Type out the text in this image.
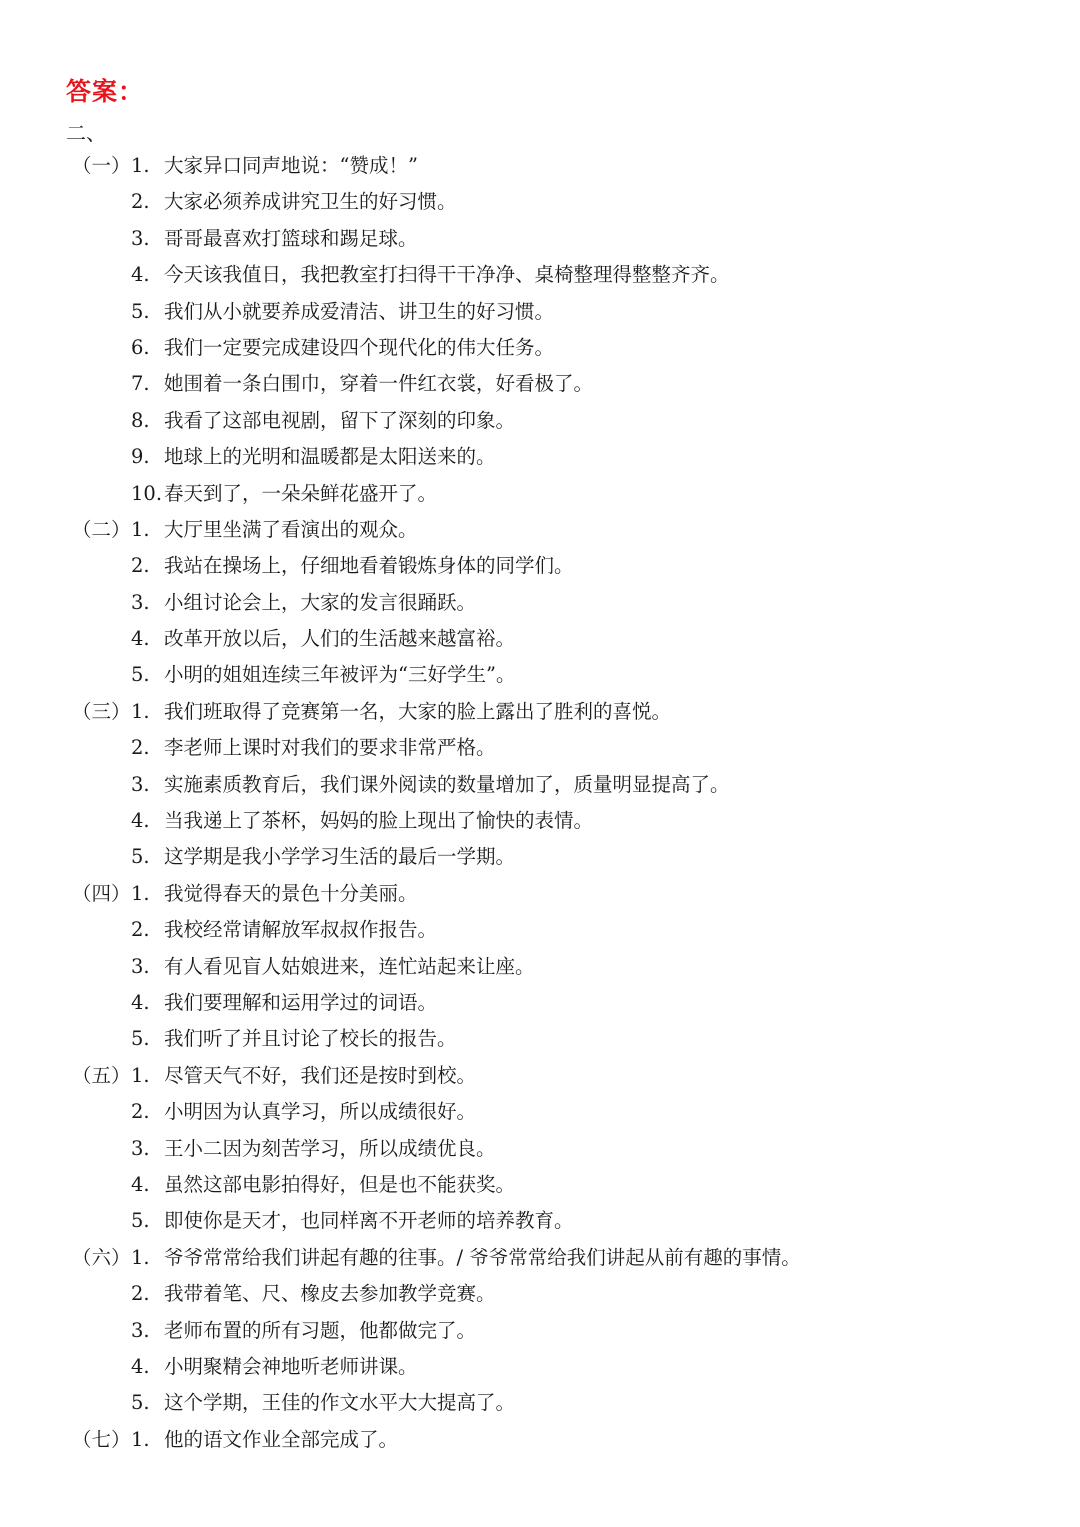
答案：
二、
（一） 1. 大家异口同声地说：“赞成！”
2. 大家必须养成讲究卫生的好习惯。
3. 哥哥最喜欢打篮球和踢足球。
4. 今天该我值日，我把教室打扫得干干净净、桌椅整理得整整齐齐。
5. 我们从小就要养成爱清洁、讲卫生的好习惯。
6. 我们一定要完成建设四个现代化的伟大任务。
7. 她围着一条白围巾，穿着一件红衣裳，好看极了。
8. 我看了这部电视剧，留下了深刻的印象。
9. 地球上的光明和温暖都是太阳送来的。
10. 春天到了，一朵朵鲜花盛开了。
（二） 1. 大厅里坐满了看演出的观众。
2. 我站在操场上，仔细地看着锻炼身体的同学们。
3. 小组讨论会上，大家的发言很踊跃。
4. 改革开放以后，人们的生活越来越富裕。
5. 小明的姐姐连续三年被评为“三好学生”。
（三） 1. 我们班取得了竞赛第一名，大家的脸上露出了胜利的喜悦。
2. 李老师上课时对我们的要求非常严格。
3. 实施素质教育后，我们课外阅读的数量增加了，质量明显提高了。
4. 当我递上了茶杯，妈妈的脸上现出了愉快的表情。
5. 这学期是我小学学习生活的最后一学期。
（四） 1. 我觉得春天的景色十分美丽。
2. 我校经常请解放军叔叔作报告。
3. 有人看见盲人姑娘进来，连忙站起来让座。
4. 我们要理解和运用学过的词语。
5. 我们听了并且讨论了校长的报告。
（五） 1. 尽管天气不好，我们还是按时到校。
2. 小明因为认真学习，所以成绩很好。
3. 王小二因为刻苦学习，所以成绩优良。
4. 虽然这部电影拍得好，但是也不能获奖。
5. 即使你是天才，也同样离不开老师的培养教育。
（六） 1. 爷爷常常给我们讲起有趣的往事。/ 爷爷常常给我们讲起从前有趣的事情。
2. 我带着笔、尺、橡皮去参加教学竞赛。
3. 老师布置的所有习题，他都做完了。
4. 小明聚精会神地听老师讲课。
5. 这个学期，王佳的作文水平大大提高了。
（七） 1. 他的语文作业全部完成了。
